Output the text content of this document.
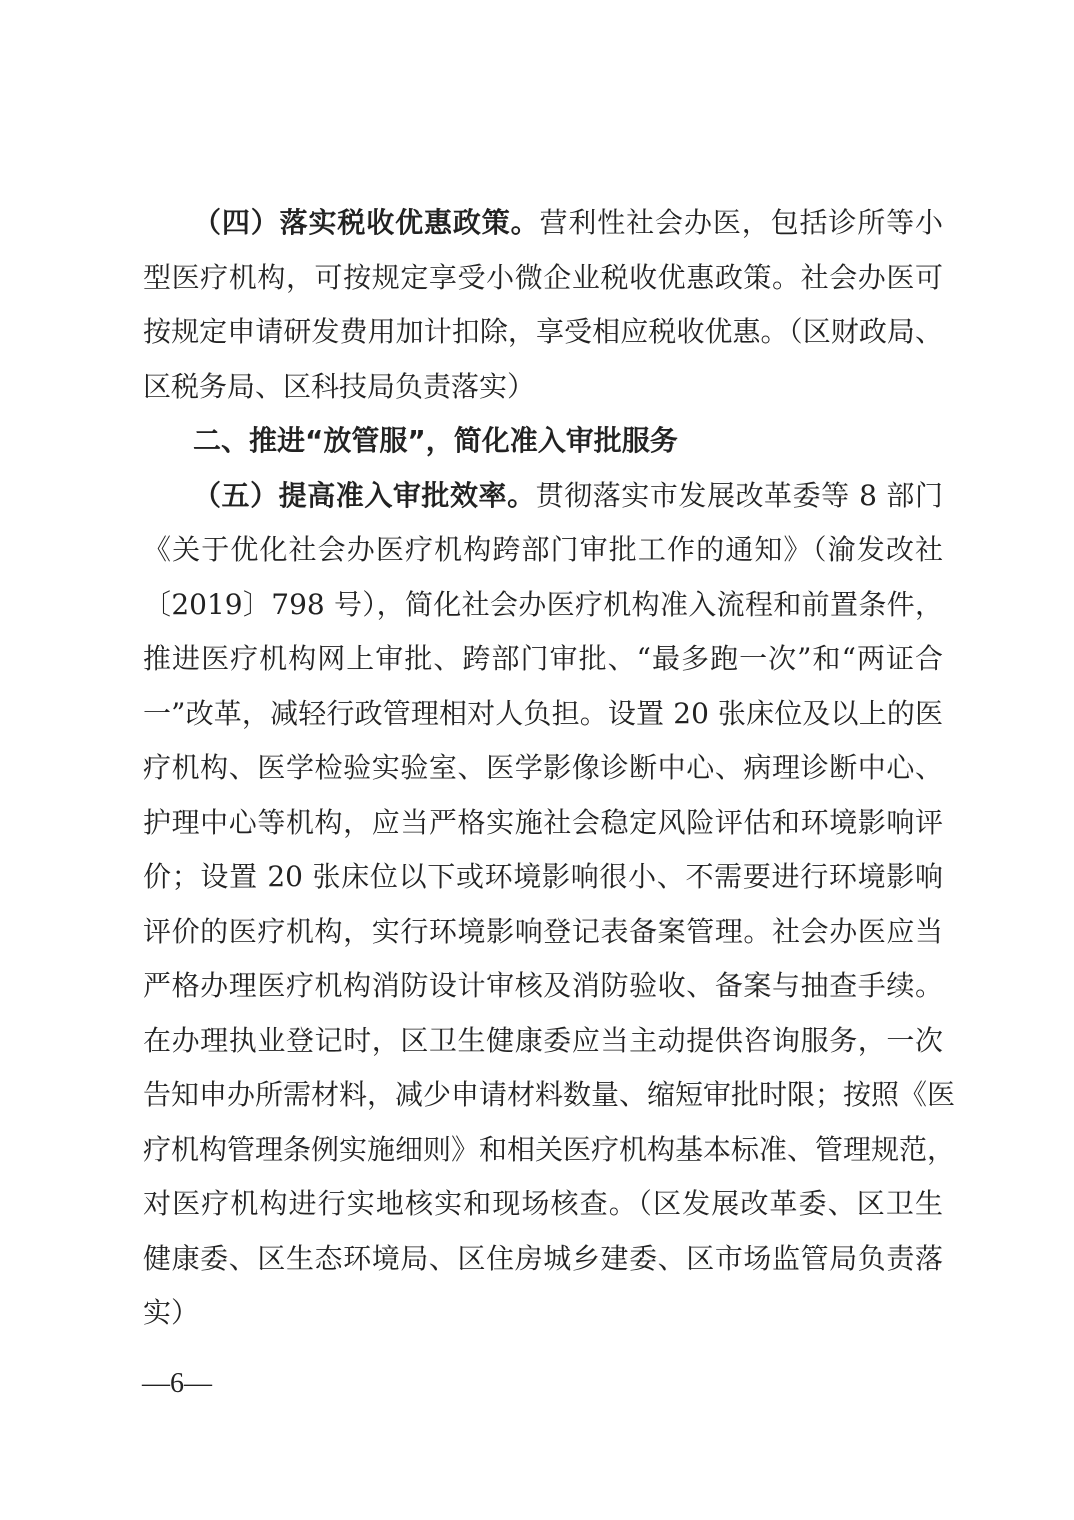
（四）落实税收优惠政策。营利性社会办医，包括诊所等小
型医疗机构，可按规定享受小微企业税收优惠政策。社会办医可
按规定申请研发费用加计扣除，享受相应税收优惠。（区财政局、
区税务局、区科技局负责落实）
二、推进“放管服”，简化准入审批服务
（五）提高准入审批效率。贯彻落实市发展改革委等 8 部门
《关于优化社会办医疗机构跨部门审批工作的通知》（渝发改社
〔2019〕798 号），简化社会办医疗机构准入流程和前置条件，
推进医疗机构网上审批、跨部门审批、“最多跑一次”和“两证合
一”改革，减轻行政管理相对人负担。设置 20 张床位及以上的医
疗机构、医学检验实验室、医学影像诊断中心、病理诊断中心、
护理中心等机构，应当严格实施社会稳定风险评估和环境影响评
价；设置 20 张床位以下或环境影响很小、不需要进行环境影响
评价的医疗机构，实行环境影响登记表备案管理。社会办医应当
严格办理医疗机构消防设计审核及消防验收、备案与抽查手续。
在办理执业登记时，区卫生健康委应当主动提供咨询服务，一次
告知申办所需材料，减少申请材料数量、缩短审批时限；按照《医
疗机构管理条例实施细则》和相关医疗机构基本标准、管理规范，
对医疗机构进行实地核实和现场核查。（区发展改革委、区卫生
健康委、区生态环境局、区住房城乡建委、区市场监管局负责落
实）
—6—
